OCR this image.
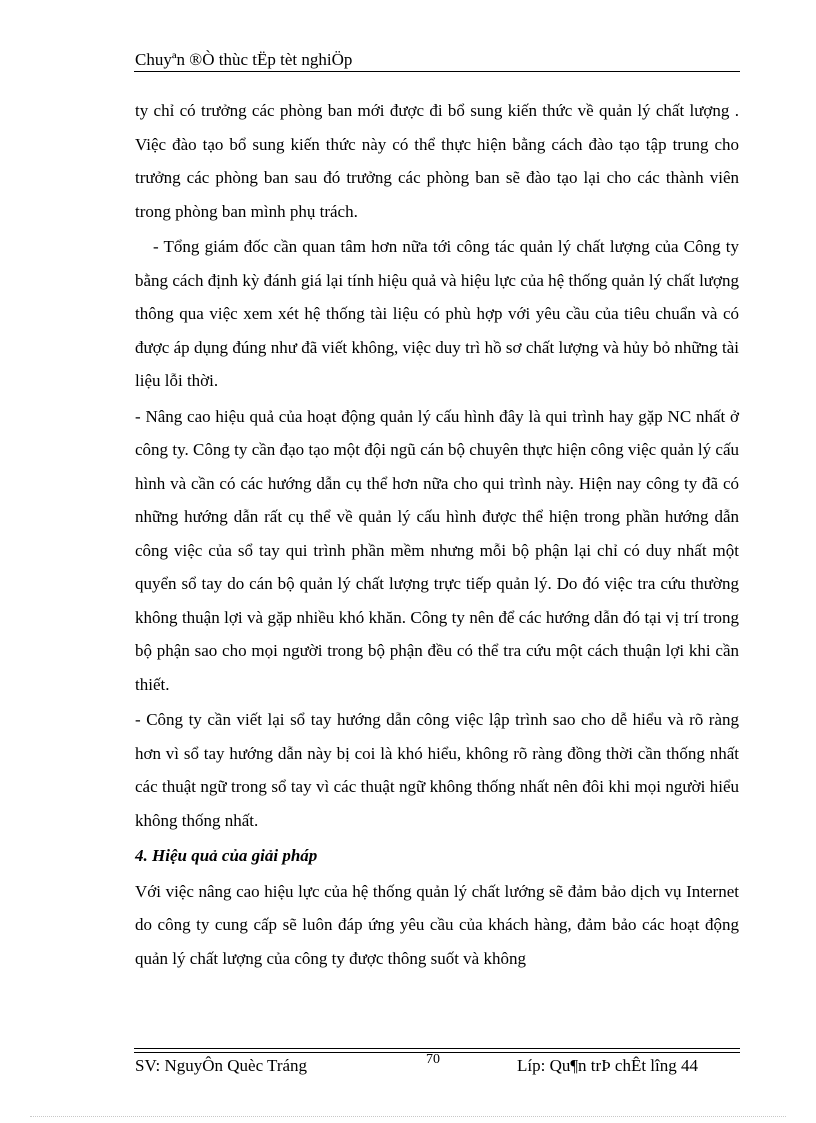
Chuyªn ®Ò thùc tËp tèt nghiÖp

ty chỉ có trưởng các phòng ban mới được đi bổ sung kiến thức về quản lý chất lượng . Việc đào tạo bổ sung kiến thức này có thể thực hiện bằng cách đào tạo tập trung cho trưởng các phòng ban sau đó trưởng các phòng ban sẽ đào tạo lại cho các thành viên trong phòng ban mình phụ trách.

- Tổng giám đốc cần quan tâm hơn nữa tới công tác quản lý chất lượng của Công ty bằng cách định kỳ đánh giá lại tính hiệu quả và hiệu lực của hệ thống quản lý chất lượng thông qua việc xem xét hệ thống tài liệu có phù hợp với yêu cầu của tiêu chuẩn và có được áp dụng đúng như đã viết không, việc duy trì hồ sơ chất lượng và hủy bỏ những tài liệu lỗi thời.

- Nâng cao hiệu quả của hoạt động quản lý cấu hình đây là qui trình hay gặp NC nhất ở công ty. Công ty cần đạo tạo một đội ngũ cán bộ chuyên thực hiện công việc quản lý cấu hình và cần có các hướng dẫn cụ thể hơn nữa cho qui trình này. Hiện nay công ty đã có những hướng dẫn rất cụ thể về quản lý cấu hình được thể hiện trong phần hướng dẫn công việc của sổ tay qui trình phần mềm nhưng mỗi bộ phận lại chỉ có duy nhất một quyển sổ tay do cán bộ quản lý chất lượng trực tiếp quản lý. Do đó việc tra cứu thường không thuận lợi và gặp nhiều khó khăn. Công ty nên để các hướng dẫn đó tại vị trí trong bộ phận sao cho mọi người trong bộ phận đều có thể tra cứu một cách thuận lợi khi cần thiết.

- Công ty cần viết lại sổ tay hướng dẫn công việc lập trình sao cho dễ hiểu và rõ ràng hơn vì sổ tay hướng dẫn này bị coi là khó hiểu, không rõ ràng đồng thời cần thống nhất các thuật ngữ trong sổ tay vì các thuật ngữ không thống nhất nên đôi khi mọi người hiểu không thống nhất.

4. Hiệu quả của giải pháp

Với việc nâng cao hiệu lực của hệ thống quản lý chất lướng sẽ đảm bảo dịch vụ Internet do công ty cung cấp sẽ luôn đáp ứng yêu cầu của khách hàng, đảm bảo các hoạt động quản lý chất lượng của công ty được thông suốt và không

SV: NguyÔn Quèc Tráng	70	Líp: Qu¶n trÞ chÊt lîng 44
